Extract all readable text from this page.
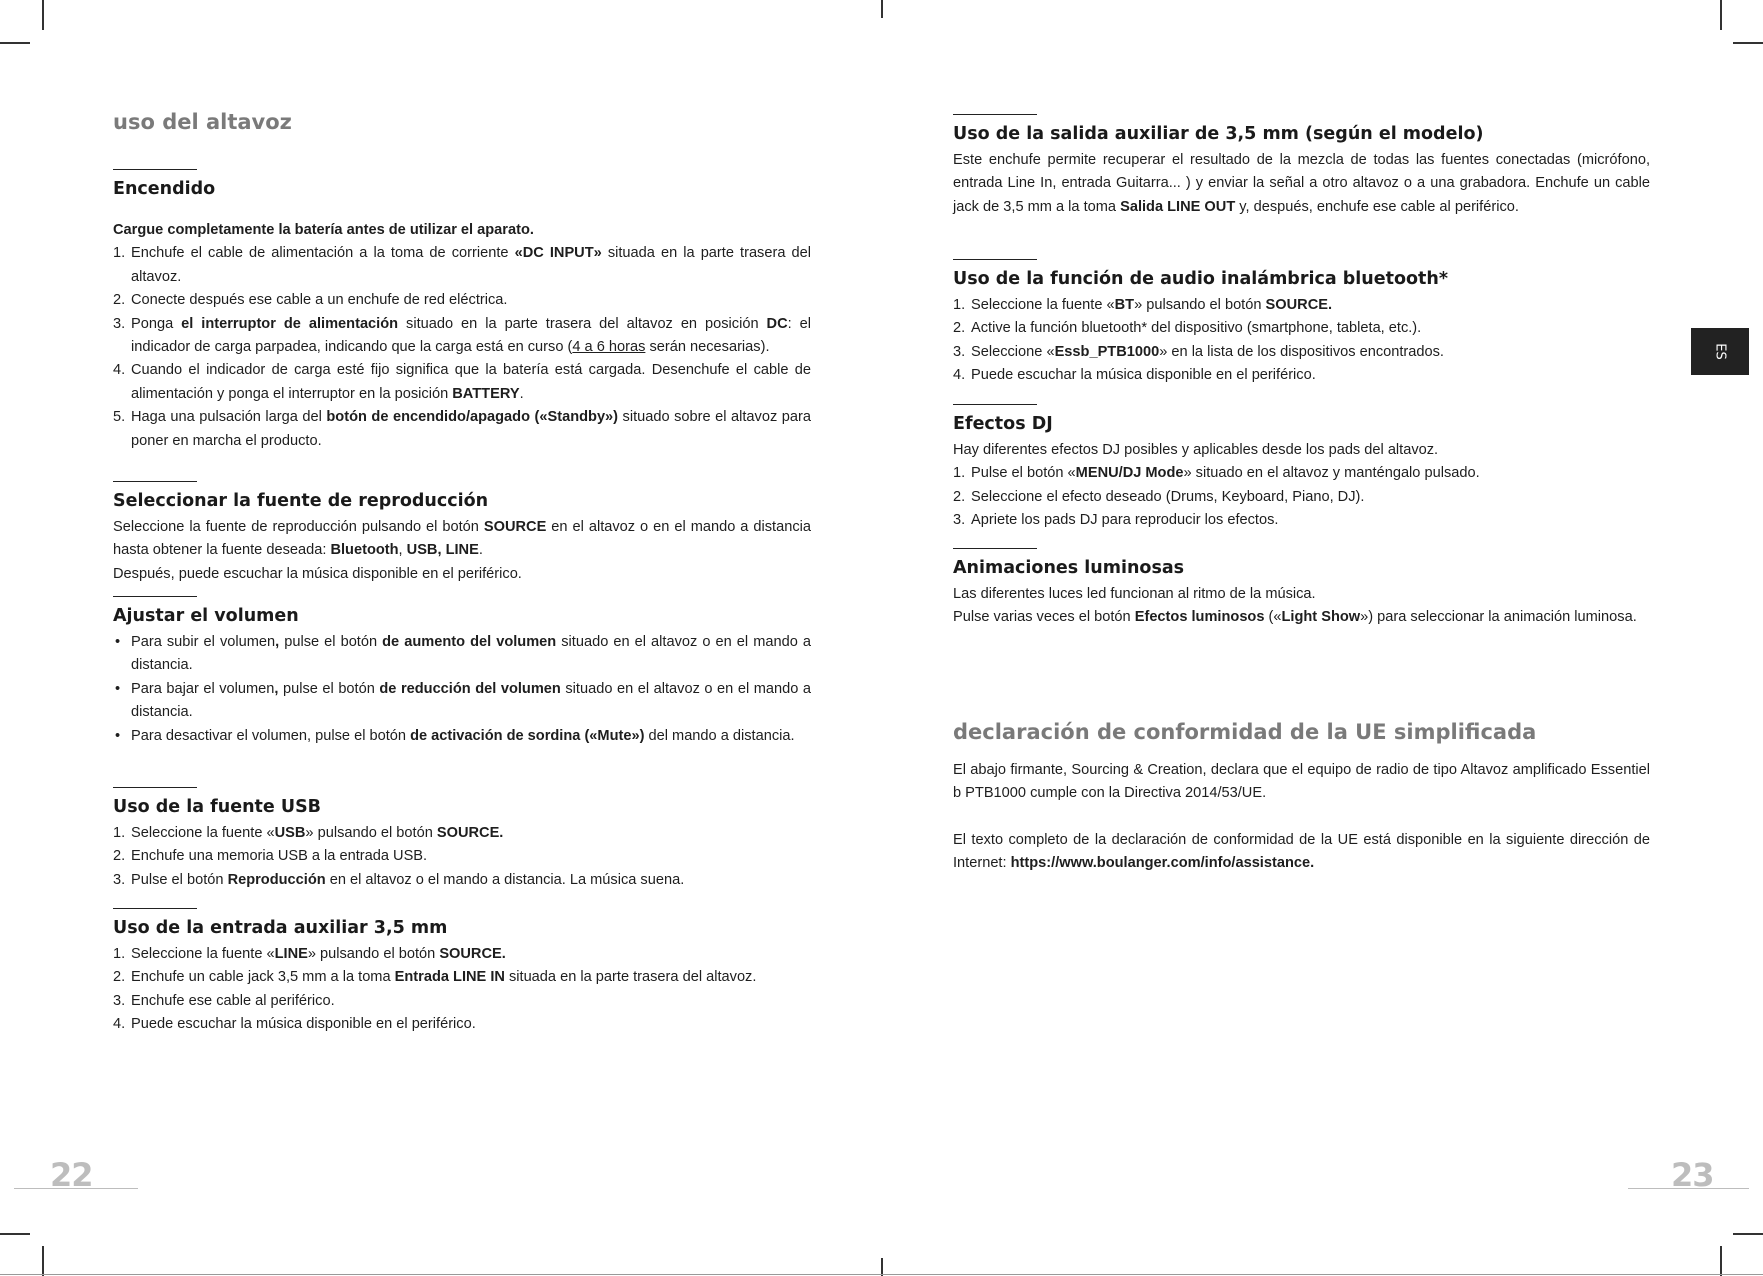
uso del altavoz
Encendido

Cargue completamente la batería antes de utilizar el aparato.

1. Enchufe el cable de alimentación a la toma de corriente «DC INPUT» situada en la parte trasera del altavoz.
2. Conecte después ese cable a un enchufe de red eléctrica.
3. Ponga el interruptor de alimentación situado en la parte trasera del altavoz en posición DC: el indicador de carga parpadea, indicando que la carga está en curso (4 a 6 horas serán necesarias).
4. Cuando el indicador de carga esté fijo significa que la batería está cargada. Desenchufe el cable de alimentación y ponga el interruptor en la posición BATTERY.
5. Haga una pulsación larga del botón de encendido/apagado («Standby») situado sobre el altavoz para poner en marcha el producto.
Seleccionar la fuente de reproducción

Seleccione la fuente de reproducción pulsando el botón SOURCE en el altavoz o en el mando a distancia hasta obtener la fuente deseada: Bluetooth, USB, LINE.

Después, puede escuchar la música disponible en el periférico.

Ajustar el volumen
• Para subir el volumen, pulse el botón de aumento del volumen situado en el altavoz o en el mando a distancia.
• Para bajar el volumen, pulse el botón de reducción del volumen situado en el altavoz o en el mando a distancia.
• Para desactivar el volumen, pulse el botón de activación de sordina («Mute») del mando a distancia.
Uso de la fuente USB
1. Seleccione la fuente «USB» pulsando el botón SOURCE.
2. Enchufe una memoria USB a la entrada USB.
3. Pulse el botón Reproducción en el altavoz o el mando a distancia. La música suena.
Uso de la entrada auxiliar 3,5 mm
1. Seleccione la fuente «LINE» pulsando el botón SOURCE.
2. Enchufe un cable jack 3,5 mm a la toma Entrada LINE IN situada en la parte trasera del altavoz.
3. Enchufe ese cable al periférico.
4. Puede escuchar la música disponible en el periférico.
Uso de la salida auxiliar de 3,5 mm (según el modelo)

Este enchufe permite recuperar el resultado de la mezcla de todas las fuentes conectadas (micrófono, entrada Line In, entrada Guitarra... ) y enviar la señal a otro altavoz o a una grabadora. Enchufe un cable jack de 3,5 mm a la toma Salida LINE OUT y, después, enchufe ese cable al periférico.

Uso de la función de audio inalámbrica bluetooth*
1. Seleccione la fuente «BT» pulsando el botón SOURCE.
2. Active la función bluetooth* del dispositivo (smartphone, tableta, etc.).
3. Seleccione «Essb_PTB1000» en la lista de los dispositivos encontrados.
4. Puede escuchar la música disponible en el periférico.
Efectos DJ

Hay diferentes efectos DJ posibles y aplicables desde los pads del altavoz.

1. Pulse el botón «MENU/DJ Mode» situado en el altavoz y manténgalo pulsado.
2. Seleccione el efecto deseado (Drums, Keyboard, Piano, DJ).
3. Apriete los pads DJ para reproducir los efectos.
Animaciones luminosas

Las diferentes luces led funcionan al ritmo de la música.

Pulse varias veces el botón Efectos luminosos («Light Show») para seleccionar la animación luminosa.

declaración de conformidad de la UE simplificada

El abajo firmante, Sourcing & Creation, declara que el equipo de radio de tipo Altavoz amplificado Essentiel b PTB1000 cumple con la Directiva 2014/53/UE.

El texto completo de la declaración de conformidad de la UE está disponible en la siguiente dirección de Internet: https://www.boulanger.com/info/assistance.

ES
22	23
